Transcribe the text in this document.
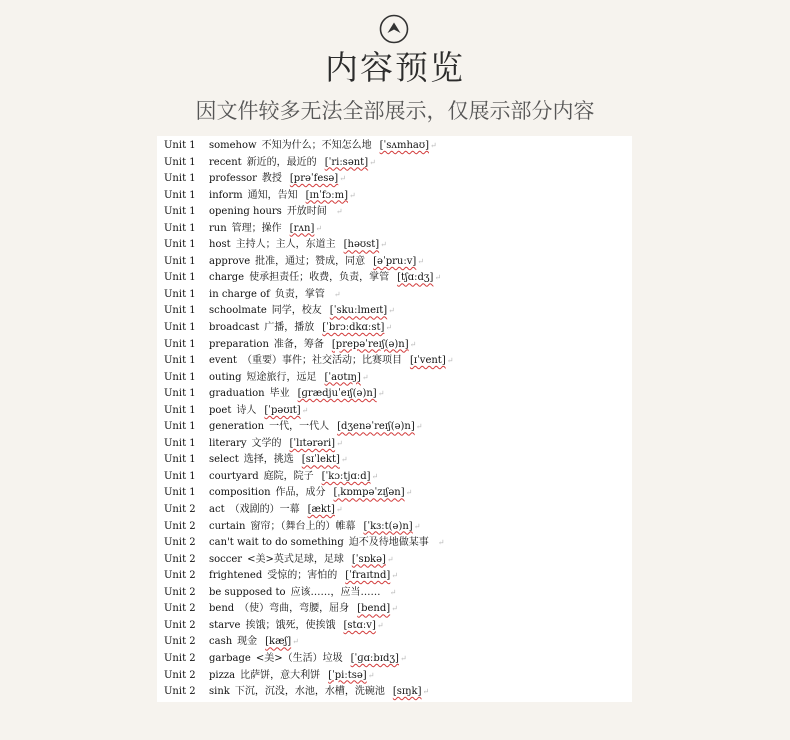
内容预览
因文件较多无法全部展示，仅展示部分内容
Unit 1 somehow 不知为什么；不知怎么地 [ˈsʌmhaʊ]↵
Unit 1 recent 新近的，最近的 [ˈriːsənt]↵
Unit 1 professor 教授 [prəˈfesə]↵
Unit 1 inform 通知，告知 [ɪnˈfɔːm]↵
Unit 1 opening hours 开放时间 ↵
Unit 1 run 管理；操作 [rʌn]↵
Unit 1 host 主持人；主人，东道主 [həʊst]↵
Unit 1 approve 批准，通过；赞成，同意 [əˈpruːv]↵
Unit 1 charge 使承担责任；收费，负责，掌管 [tʃɑːdʒ]↵
Unit 1 in charge of 负责，掌管 ↵
Unit 1 schoolmate 同学，校友 [ˈskuːlmeɪt]↵
Unit 1 broadcast 广播，播放 [ˈbrɔːdkɑːst]↵
Unit 1 preparation 准备，筹备 [prepəˈreɪʃ(ə)n]↵
Unit 1 event （重要）事件；社交活动；比赛项目 [ɪˈvent]↵
Unit 1 outing 短途旅行，远足 [ˈaʊtɪŋ]↵
Unit 1 graduation 毕业 [ɡrædjuˈeɪʃ(ə)n]↵
Unit 1 poet 诗人 [ˈpəʊɪt]↵
Unit 1 generation 一代，一代人 [dʒenəˈreɪʃ(ə)n]↵
Unit 1 literary 文学的 [ˈlɪtərəri]↵
Unit 1 select 选择，挑选 [sɪˈlekt]↵
Unit 1 courtyard 庭院，院子 [ˈkɔːtjɑːd]↵
Unit 1 composition 作品，成分 [ˌkɒmpəˈzɪʃən]↵
Unit 2 act （戏剧的）一幕 [ækt]↵
Unit 2 curtain 窗帘；（舞台上的）帷幕 [ˈkɜːt(ə)n]↵
Unit 2 can't wait to do something 迫不及待地做某事 ↵
Unit 2 soccer <美>英式足球，足球 [ˈsɒkə]↵
Unit 2 frightened 受惊的；害怕的 [ˈfraɪtnd]↵
Unit 2 be supposed to 应该……，应当…… ↵
Unit 2 bend （使）弯曲，弯腰，屈身 [bend]↵
Unit 2 starve 挨饿；饿死，使挨饿 [stɑːv]↵
Unit 2 cash 现金 [kæʃ]↵
Unit 2 garbage <美>（生活）垃圾 [ˈɡɑːbɪdʒ]↵
Unit 2 pizza 比萨饼，意大利饼 [ˈpiːtsə]↵
Unit 2 sink 下沉，沉没，水池，水槽，洗碗池 [sɪŋk]↵
